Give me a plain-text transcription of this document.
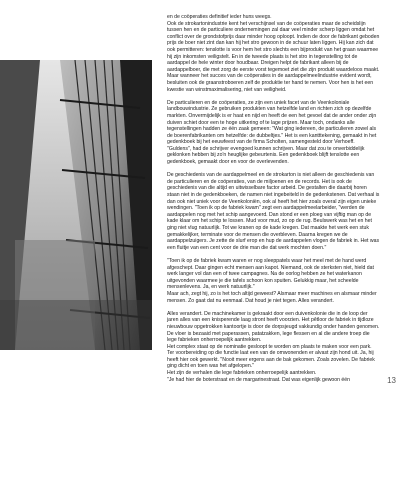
en de coöperaties definitief ieder huns weegs.

Ook de strokartonindustrie kent het verschijnsel van de coöperaties maar de scheidslijn tussen hen en de particuliere ondernemingen zal daar veel minder scherp liggen omdat het conflict over de grondstofprijs daar minder hoog oploopt. Indien de door de fabrikant geboden prijs de boer niet zint dan kan hij het stro gewoon in de schuur laten liggen. Hij kan zich dat ook permitteren: tenslotte is voor hem het stro slechts een bijprodukt van het graan waarmee hij zijn inkomsten veiligstelt. En in de tweede plaats is het stro in tegenstelling tot de aardappel de hele winter door houdbaar. Dreigen helpt de fabrikant alleen bij de aardappelboer, die met zorg de eerste vorst tegemoet ziet die zijn produkt waardeloos maakt. Maar wanneer het succes van de coöperaties in de aardappelmeelindustrie evident wordt, besluiten ook de graanstroboeren zelf de produktie ter hand te nemen. Voor hen is het een kwestie van winstmaximalisering, niet van veiligheid.

De particulieren en de coöperaties, ze zijn een uniek facet van de Veenkoloniale landbouwindustrie. Ze gebruiken produkten van hetzelfde land en richten zich op dezelfde markten. Onvermijdelijk is er haat en nijd en heeft de een het gevoel dat de ander onder zijn duiven schiet door een te hoge uitkering of te lage prijzen. Maar toch, ondanks alle tegenstellingen hadden ze één zaak gemeen: "Wat ging iedereen, de particulieren zowel als de boerenfabrikanten om hetzelfde: de dubbeltjes." Het is een kantttekening, gemaakt in het gedenkboek bij het eeuwfeest van de firma Scholten, samengesteld door Verhoeff. "Guldens", had de schrijver evengoed kunnen schrijven. Maar dat zou te onverbiddelijk geklonken hebben bij zo'n heuglijke gebeurtenis. Een gedenkboek blijft tenslotte een gedenkboek, gemaakt door en voor de overlevenden.

De geschiedenis van de aardappelmeel en de strokarton is niet alleen de geschiedenis van de particulieren en de coöperaties, van de miljoenen en de records. Het is ook de geschiedenis van die altijd en uitwisselbare factor arbeid. De gestalten die daarbij horen staan niet in de gedenkboeken, de namen niet ingebeiteld in de gedenkstenen. Dat verhaal is dan ook niet uniek voor de Veenkoloniën, ook al heeft het hier zoals overal zijn eigen unieke wendingen. "Toen ik op de fabriek kwam" zegt een aardappelmeelarbeider, "werden de aardappelen nog met het schip aangevoerd. Dan stond er een ploeg van vijftig man op de kade klaar om het schip te lossen. Mud voor mud, zo op de rug. Beulswerk was het en het ging niet vlug natuurlijk. Tot we kranen op de kade kregen. Dat maakte het werk een stuk gemakkelijker, terminate voor de mensen die overbleven. Daarna kregen we de aardappelzuigers. Je zette de slurf erop en hup de aardappelen vlogen de fabriek in. Het was een fluitje van een cent voor de drie man die dat werk mochten doen."

"Toen ik op de fabriek kwam waren er nog sleeppatels waar het meel met de hand werd afgeschept. Daar gingen echt mensen aan kapot. Niemand, ook de sterksten niet, hield dat werk langer vol dan een of twee campagnes. Na de oorlog hebben ze het waterkanon uitgevonden waarmee je die tafels schoon kon spuiten. Gelukkig maar, het scheelde mensenlevens. Ja, en werk natuurlijk."

Maar ach, zegt hij, zo is het toch altijd geweest? Alsmaar meer machines en alsmaar minder mensen. Zo gaat dat nu eenmaal. Dat houd je niet tegen. Alles verandert.

Alles verandert. De machinekamer is gekraakt door een duivenkolonie die in de loop der jaren alles van een knisperende laag stront heeft voorzien. Het pêtloor de fabriek in tijdloze nieuwbouw opgetrokken kantoortje is door de dorpsjeugd vakkundig onder handen genomen. De vloer is bezaaid met paperassen, patatzakken, lege flessen en al die andere troep die lege fabrieken onherroepelijk aantrekken.

Het complex staat op de nominatie gesloopt te worden om plaats te maken voor een park. Ter voorbereiding op die functie laat een van de omwonenden er alvast zijn hond uit. Ja, hij heeft hier ook gewerkt. "Nooit meer ergens aan de bak gekomen. Zoals zovelen. De fabriek ging dicht en toen was het afgelopen."

Het zijn de verhalen die lege fabrieken onherroepelijk aantrekken.

"Je had hier de boterstraat en de margarinestraat. Dat was eigenlijk gewoon één	13
